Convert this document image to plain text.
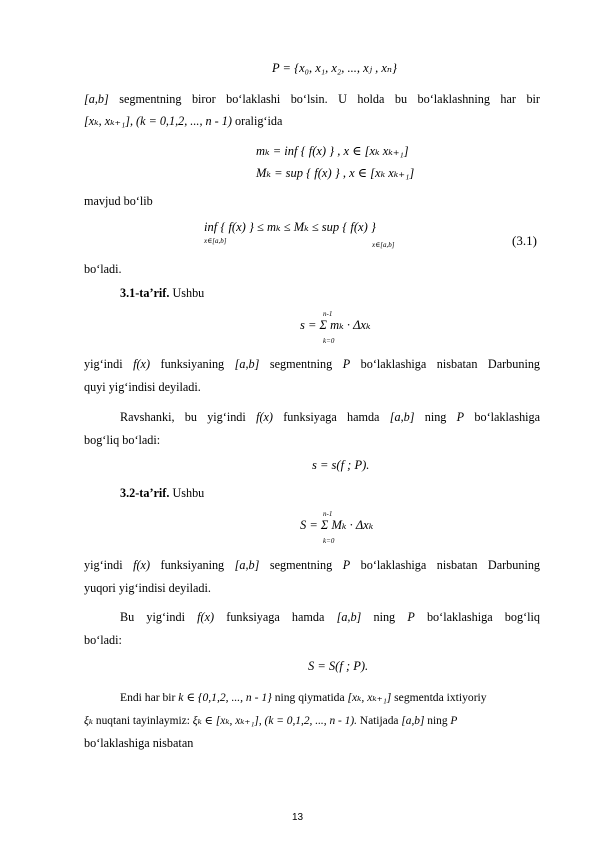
P = {x₀, x₁, x₂, ..., xⱼ , xₙ}
[a,b] segmentning biror bo‘laklashi bo‘lsin. U holda bu bo‘laklashning har bir
[xₖ, xₖ₊₁], (k = 0,1,2, ..., n - 1) oralig‘ida
mₖ = inf { f(x) } , x ∈ [xₖ xₖ₊₁]
Mₖ = sup { f(x) } , x ∈ [xₖ xₖ₊₁]
mavjud bo‘lib
inf { f(x) } ≤ mₖ ≤ Mₖ ≤ sup { f(x) }
x∈[a,b]	x∈[a,b]	(3.1)
bo‘ladi.
3.1-ta’rif. Ushbu
s = Σ mₖ · Δxₖ
n-1
k=0
yig‘indi f(x) funksiyaning [a,b] segmentning P bo‘laklashiga nisbatan Darbuning
quyi yig‘indisi deyiladi.
Ravshanki, bu yig‘indi f(x) funksiyaga hamda [a,b] ning P bo‘laklashiga
bog‘liq bo‘ladi:
s = s(f ; P).
3.2-ta’rif. Ushbu
S = Σ Mₖ · Δxₖ
n-1
k=0
yig‘indi f(x) funksiyaning [a,b] segmentning P bo‘laklashiga nisbatan Darbuning
yuqori yig‘indisi deyiladi.
Bu yig‘indi f(x) funksiyaga hamda [a,b] ning P bo‘laklashiga bog‘liq
bo‘ladi:
S = S(f ; P).
Endi har bir k ∈ {0,1,2, ..., n - 1} ning qiymatida [xₖ, xₖ₊₁] segmentda ixtiyoriy
ξₖ nuqtani tayinlaymiz: ξₖ ∈ [xₖ, xₖ₊₁], (k = 0,1,2, ..., n - 1). Natijada [a,b] ning P
bo‘laklashiga nisbatan
13
